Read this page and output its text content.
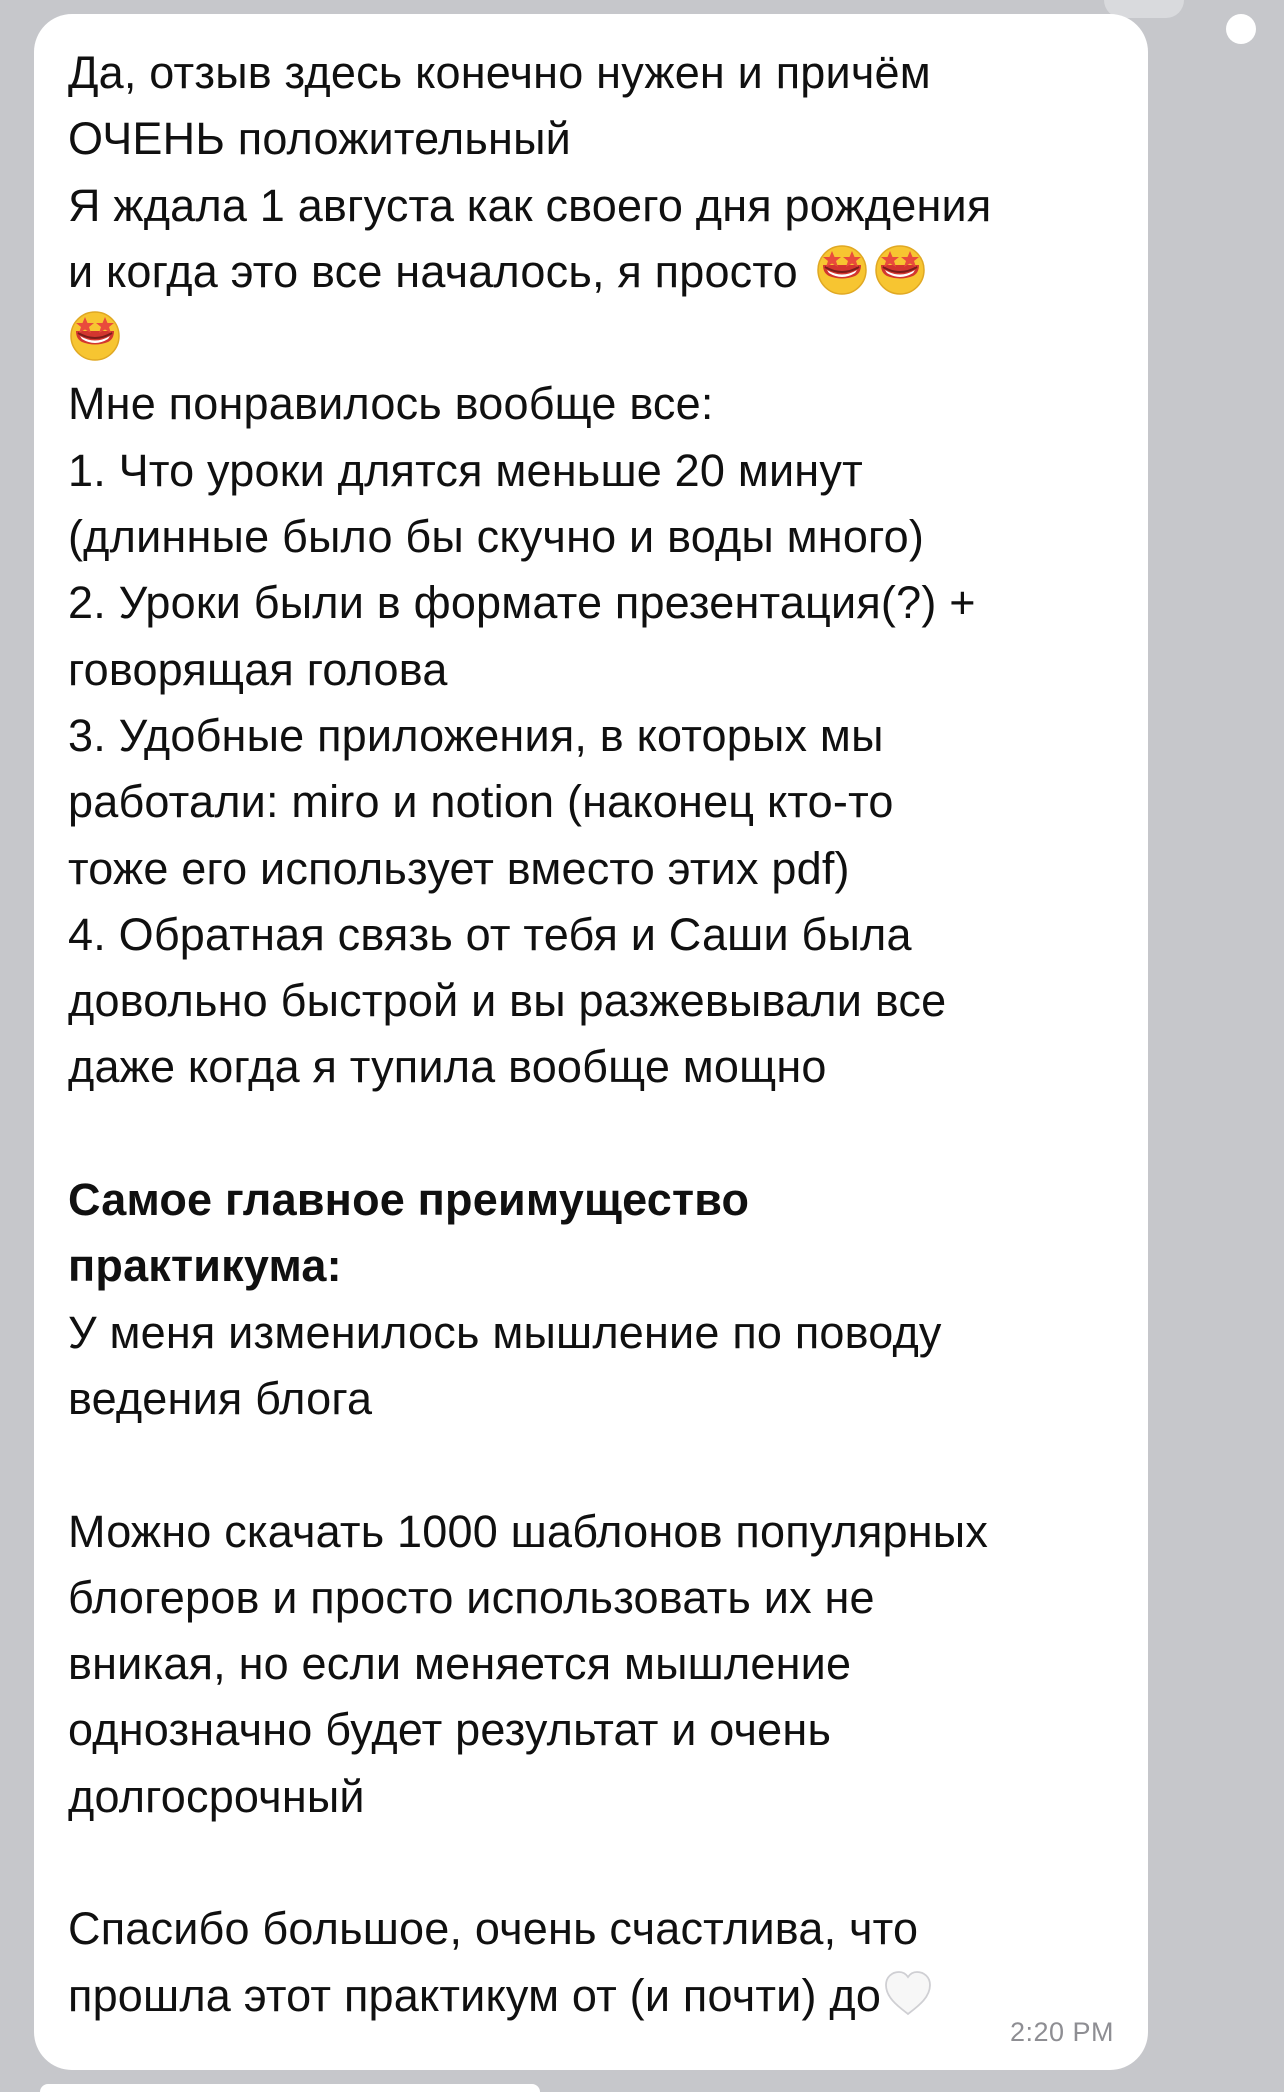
Да, отзыв здесь конечно нужен и причём
ОЧЕНЬ положительный
Я ждала 1 августа как своего дня рождения
и когда это все началось, я просто
Мне понравилось вообще все:
1. Что уроки длятся меньше 20 минут
(длинные было бы скучно и воды много)
2. Уроки были в формате презентация(?) +
говорящая голова
3. Удобные приложения, в которых мы
работали: miro и notion (наконец кто-то
тоже его использует вместо этих pdf)
4. Обратная связь от тебя и Саши была
довольно быстрой и вы разжевывали все
даже когда я тупила вообще мощно
Самое главное преимущество
практикума:
У меня изменилось мышление по поводу
ведения блога
Можно скачать 1000 шаблонов популярных
блогеров и просто использовать их не
вникая, но если меняется мышление
однозначно будет результат и очень
долгосрочный
Спасибо большое, очень счастлива, что
прошла этот практикум от (и почти) до
2:20 PM
